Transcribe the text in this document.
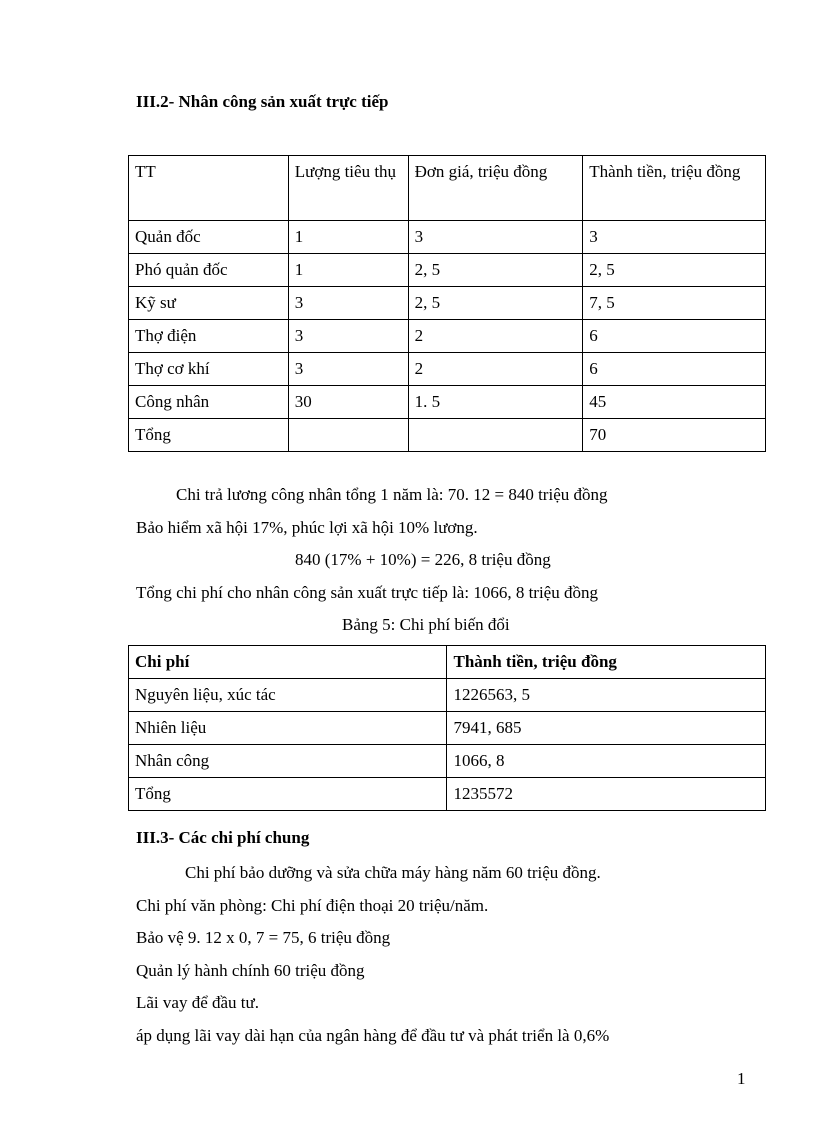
III.2- Nhân công sản xuất trực tiếp
TT	Lượng tiêu thụ	Đơn giá, triệu đồng	Thành tiền, triệu đồng
Quản đốc	1	3	3
Phó quản đốc	1	2, 5	2, 5
Kỹ sư	3	2, 5	7, 5
Thợ điện	3	2	6
Thợ cơ khí	3	2	6
Công nhân	30	1. 5	45
Tổng			70
Chi trả lương công nhân tổng 1 năm là: 70. 12 = 840 triệu đồng
Bảo hiểm xã hội 17%, phúc lợi xã hội 10% lương.
840 (17% + 10%) = 226, 8 triệu đồng
Tổng chi phí cho nhân công sản xuất trực tiếp là: 1066, 8 triệu đồng
Bảng 5: Chi phí biến đổi
Chi phí	Thành tiền, triệu đồng
Nguyên liệu, xúc tác	1226563, 5
Nhiên liệu	7941, 685
Nhân công	1066, 8
Tổng	1235572
III.3- Các chi phí chung
Chi phí bảo dưỡng và sửa chữa máy hàng năm 60 triệu đồng.
Chi phí văn phòng: Chi phí điện thoại 20 triệu/năm.
Bảo vệ 9. 12 x 0, 7 = 75, 6 triệu đồng
Quản lý hành chính 60 triệu đồng
Lãi vay để đầu tư.
áp dụng lãi vay dài hạn của ngân hàng để đầu tư và phát triển là 0,6%
1
